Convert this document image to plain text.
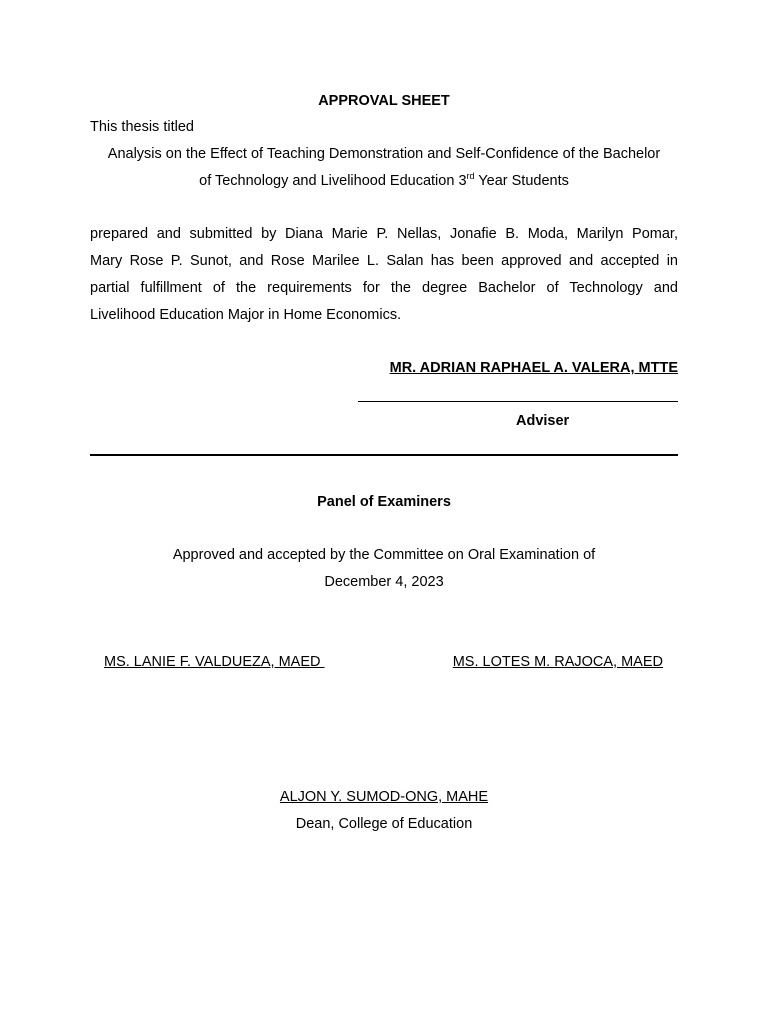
APPROVAL SHEET
This thesis titled
Analysis on the Effect of Teaching Demonstration and Self-Confidence of the Bachelor
of Technology and Livelihood Education 3rd Year Students
prepared and submitted by Diana Marie P. Nellas, Jonafie B. Moda, Marilyn Pomar,
Mary Rose P. Sunot, and Rose Marilee L. Salan has been approved and accepted in
partial fulfillment of the requirements for the degree Bachelor of Technology and
Livelihood Education Major in Home Economics.
MR. ADRIAN RAPHAEL A. VALERA, MTTE
Adviser
Panel of Examiners
Approved and accepted by the Committee on Oral Examination of
December 4, 2023
MS. LANIE F. VALDUEZA, MAED	MS. LOTES M. RAJOCA, MAED
ALJON Y. SUMOD-ONG, MAHE
Dean, College of Education
